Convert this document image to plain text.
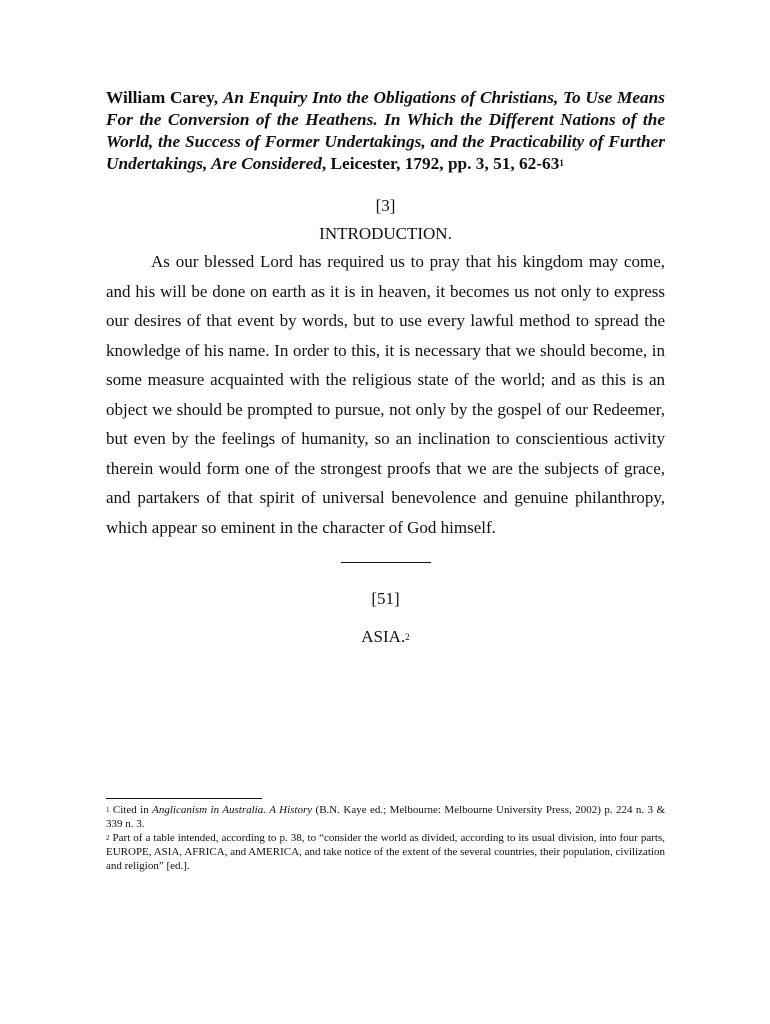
William Carey, An Enquiry Into the Obligations of Christians, To Use Means For the Conversion of the Heathens. In Which the Different Nations of the World, the Success of Former Undertakings, and the Practicability of Further Undertakings, Are Considered, Leicester, 1792, pp. 3, 51, $62-63^1$

[3]
INTRODUCTION.

As our blessed Lord has required us to pray that his kingdom may come, and his will be done on earth as it is in heaven, it becomes us not only to express our desires of that event by words, but to use every lawful method to spread the knowledge of his name. In order to this, it is necessary that we should become, in some measure acquainted with the religious state of the world; and as this is an object we should be prompted to pursue, not only by the gospel of our Redeemer, but even by the feelings of humanity, so an inclination to conscientious activity therein would form one of the strongest proofs that we are the subjects of grace, and partakers of that spirit of universal benevolence and genuine philanthropy, which appear so eminent in the character of God himself.

[51]
ASIA.$^2$

$^1$ Cited in Anglicanism in Australia. A History (B.N. Kaye ed.; Melbourne: Melbourne University Press, 2002) p. 224 n. 3 & 339 n. 3.

$^2$ Part of a table intended, according to p. 38, to “consider the world as divided, according to its usual division, into four parts, EUROPE, ASIA, AFRICA, and AMERICA, and take notice of the extent of the several countries, their population, civilization and religion” [ed.].
